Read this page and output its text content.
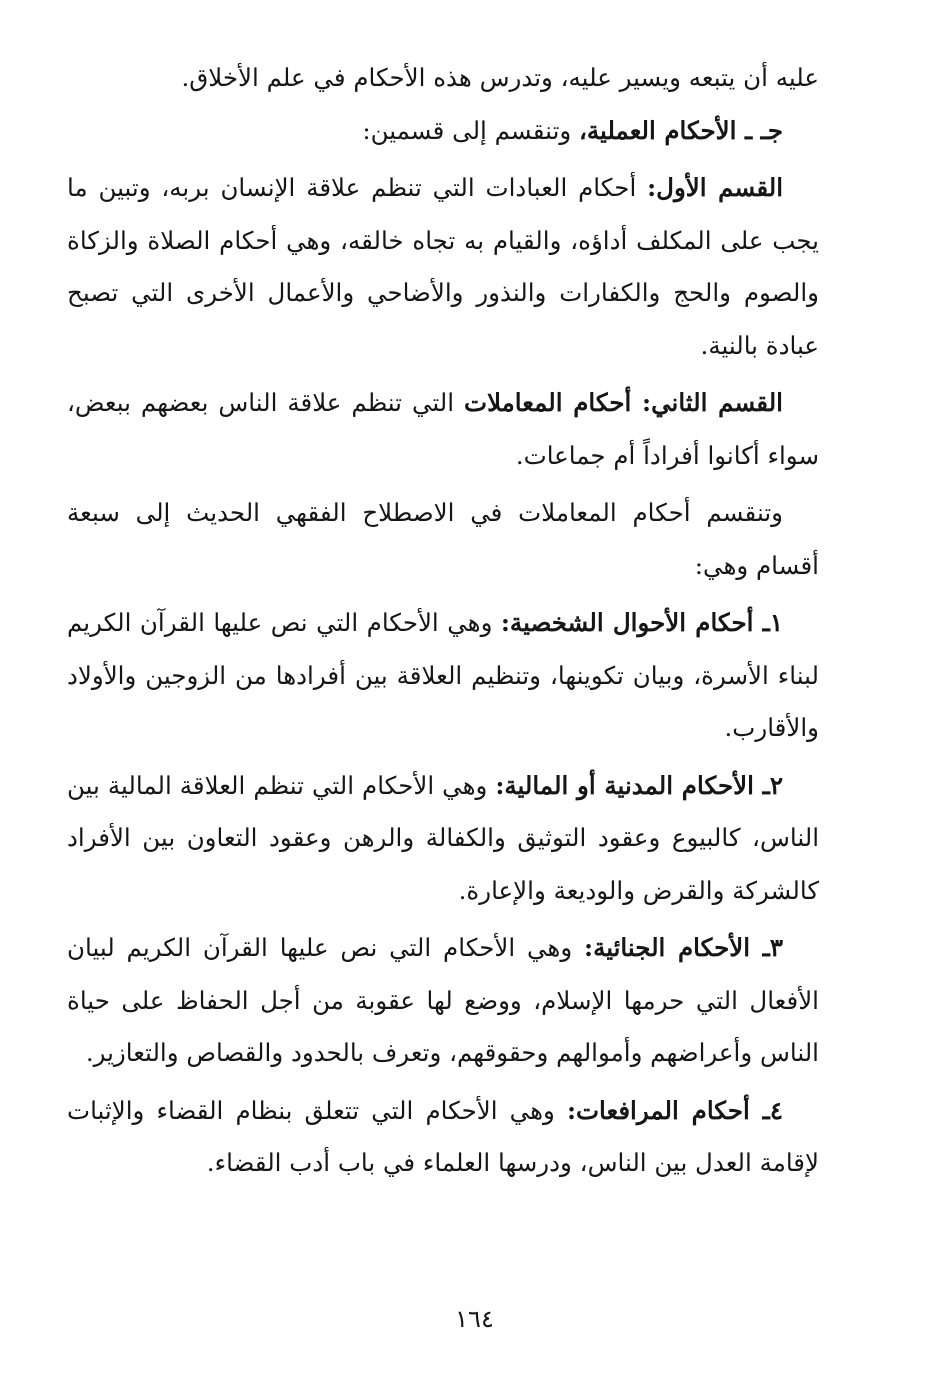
عليه أن يتبعه ويسير عليه، وتدرس هذه الأحكام في علم الأخلاق.

جـ ـ الأحكام العملية، وتنقسم إلى قسمين:

القسم الأول: أحكام العبادات التي تنظم علاقة الإنسان بربه، وتبين ما يجب على المكلف أداؤه، والقيام به تجاه خالقه، وهي أحكام الصلاة والزكاة والصوم والحج والكفارات والنذور والأضاحي والأعمال الأخرى التي تصبح عبادة بالنية.

القسم الثاني: أحكام المعاملات التي تنظم علاقة الناس بعضهم ببعض، سواء أكانوا أفراداً أم جماعات.

وتنقسم أحكام المعاملات في الاصطلاح الفقهي الحديث إلى سبعة أقسام وهي:

١ـ أحكام الأحوال الشخصية: وهي الأحكام التي نص عليها القرآن الكريم لبناء الأسرة، وبيان تكوينها، وتنظيم العلاقة بين أفرادها من الزوجين والأولاد والأقارب.

٢ـ الأحكام المدنية أو المالية: وهي الأحكام التي تنظم العلاقة المالية بين الناس، كالبيوع وعقود التوثيق والكفالة والرهن وعقود التعاون بين الأفراد كالشركة والقرض والوديعة والإعارة.

٣ـ الأحكام الجنائية: وهي الأحكام التي نص عليها القرآن الكريم لبيان الأفعال التي حرمها الإسلام، ووضع لها عقوبة من أجل الحفاظ على حياة الناس وأعراضهم وأموالهم وحقوقهم، وتعرف بالحدود والقصاص والتعازير.

٤ـ أحكام المرافعات: وهي الأحكام التي تتعلق بنظام القضاء والإثبات لإقامة العدل بين الناس، ودرسها العلماء في باب أدب القضاء.

١٦٤
